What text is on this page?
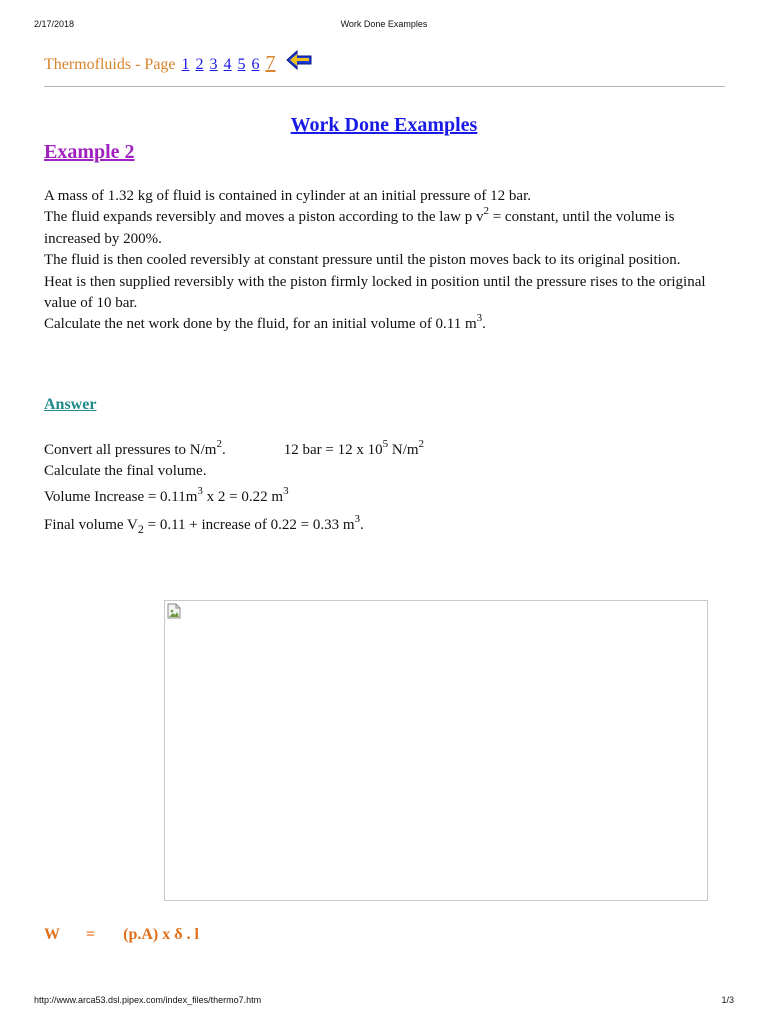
2/17/2018	Work Done Examples
Thermofluids - Page 1 2 3 4 5 6 7
Work Done Examples
Example 2

A mass of 1.32 kg of fluid is contained in cylinder at an initial pressure of 12 bar.

The fluid expands reversibly and moves a piston according to the law p $v^2$ = constant, until the volume is increased by 200%.

The fluid is then cooled reversibly at constant pressure until the piston moves back to its original position.

Heat is then supplied reversibly with the piston firmly locked in position until the pressure rises to the original value of 10 bar.

Calculate the net work done by the fluid, for an initial volume of 0.11 $m^3$.

Answer
Convert all pressures to $N/m^2$.	12 bar = 12 x $10^5$ $N/m^2$
Calculate the final volume.
Volume Increase = $0.11m^3$ x 2 = 0.22 $m^3$
Final volume $V_2 = 0.11$ + increase of 0.22 = 0.33 $m^3$.
W = (p.A) x δ . l
http://www.arca53.dsl.pipex.com/index_files/thermo7.htm	1/3
